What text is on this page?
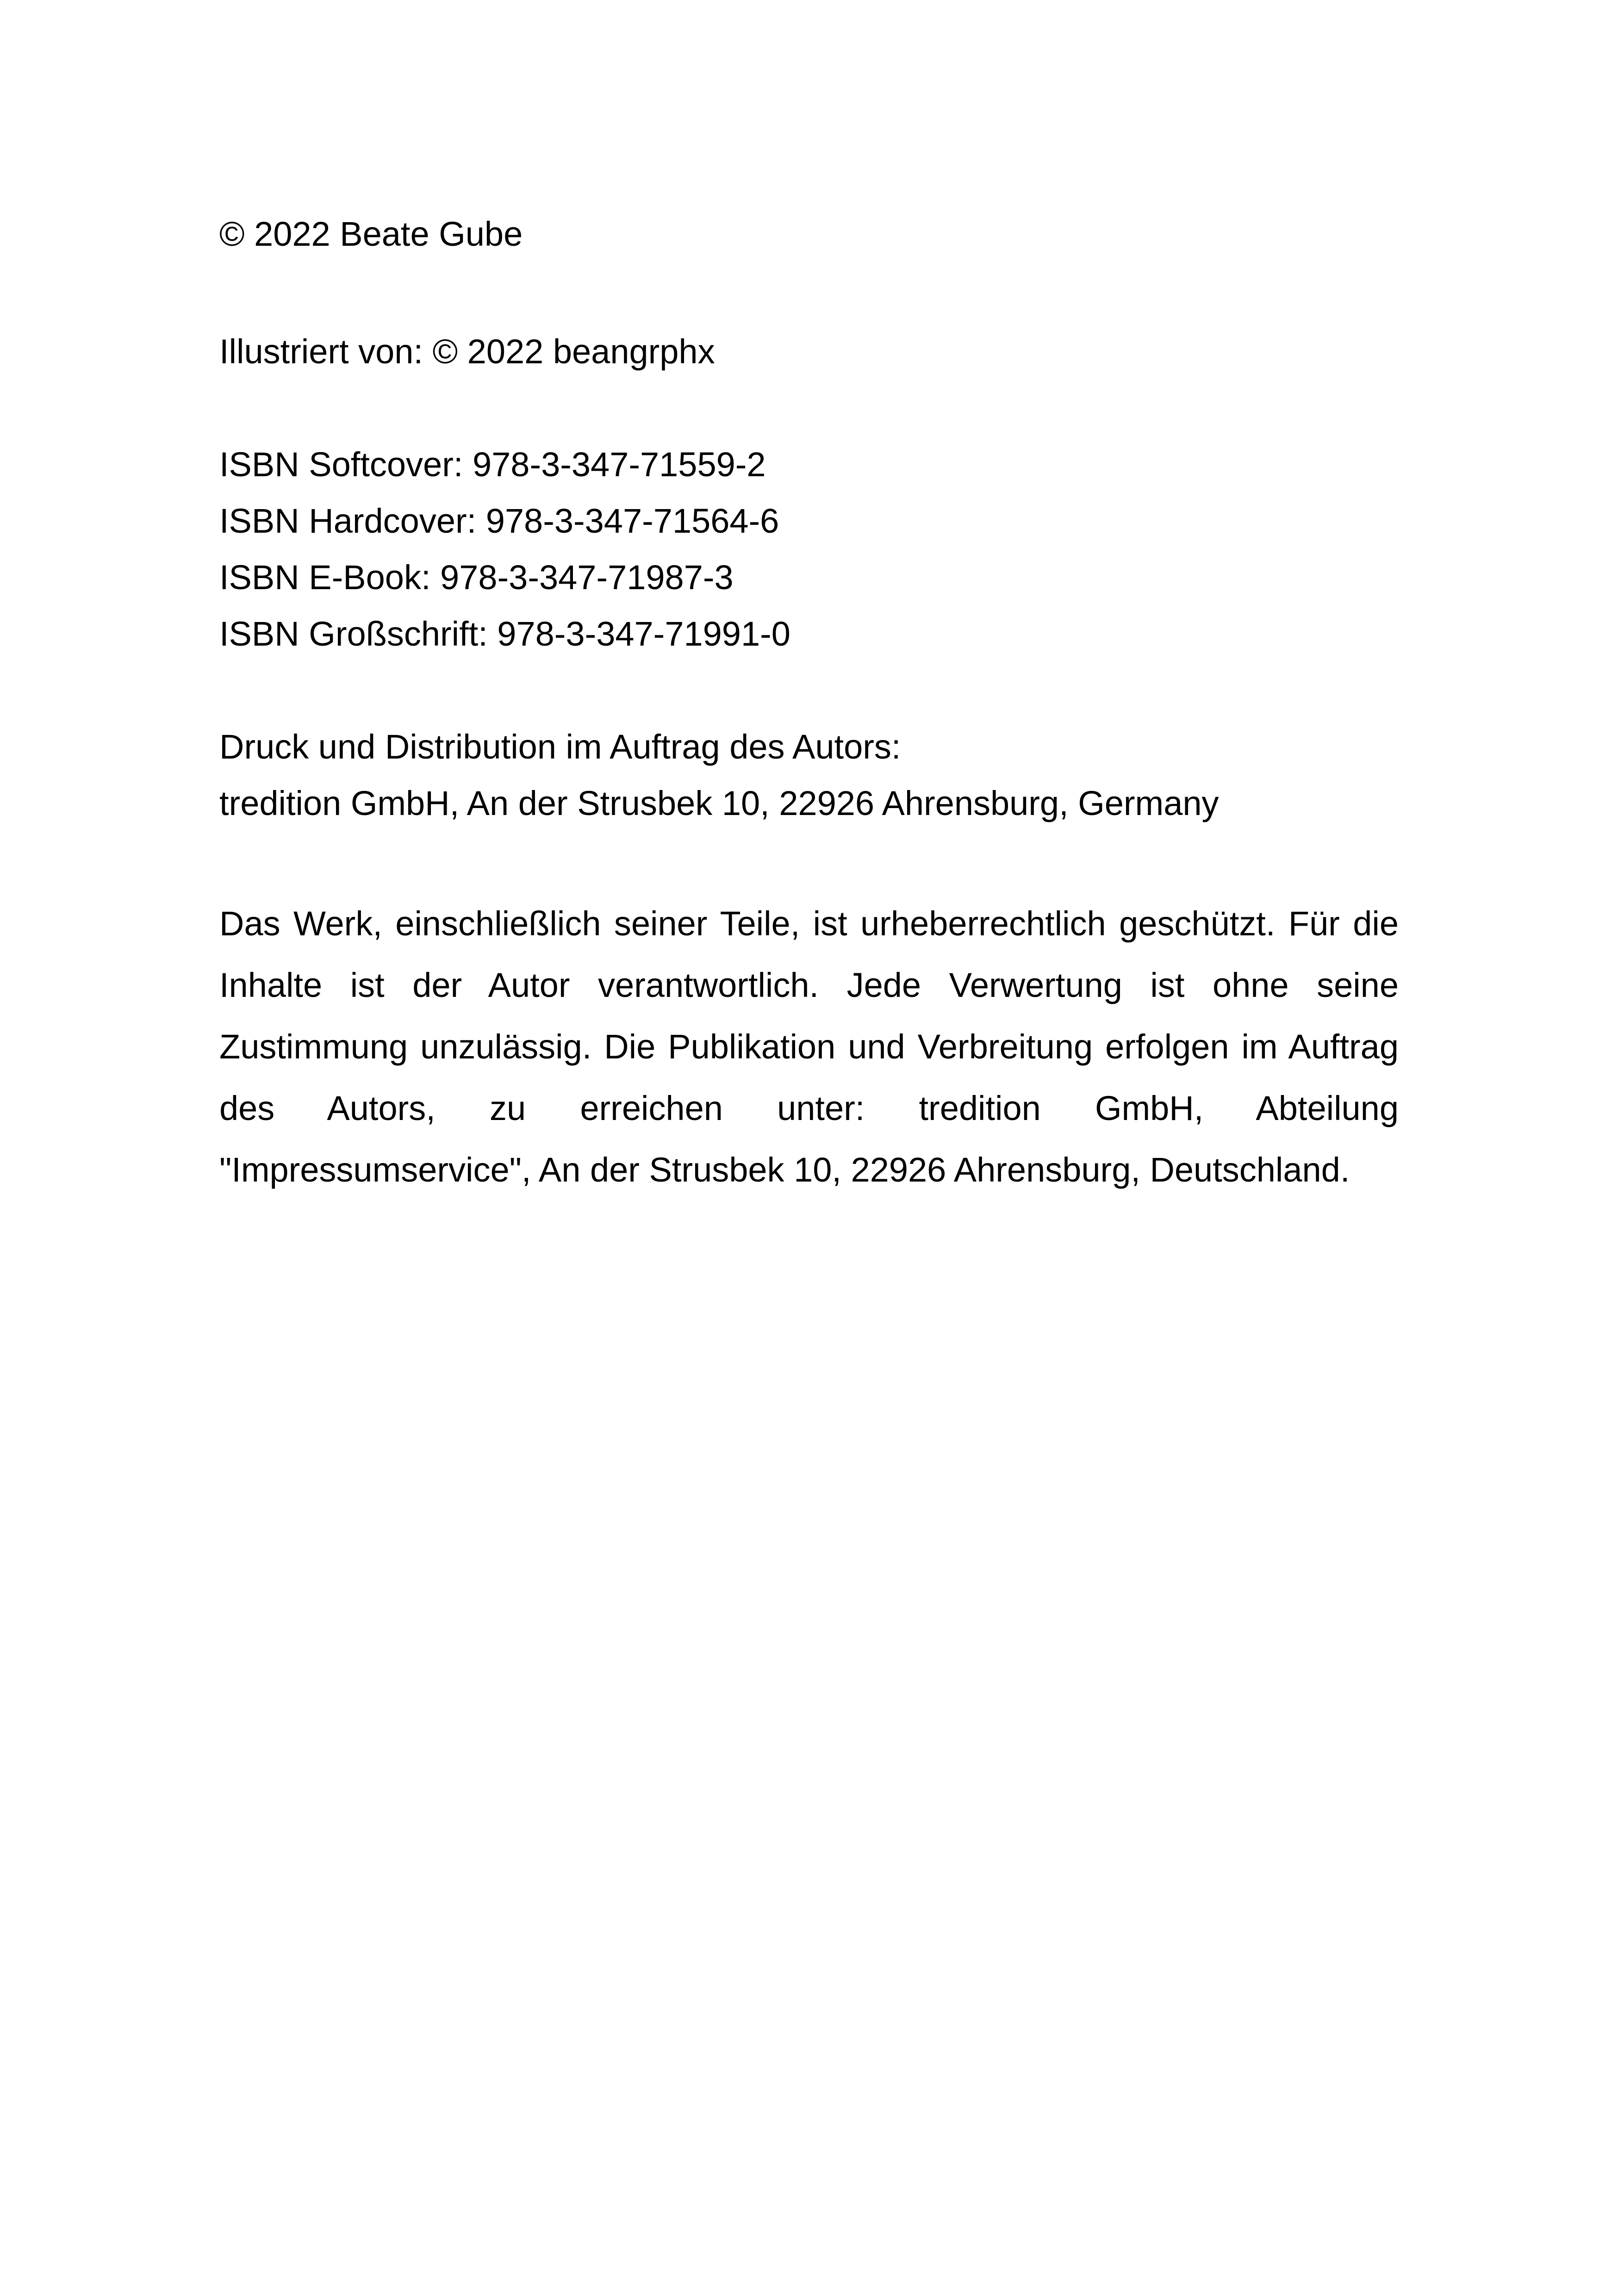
© 2022 Beate Gube
Illustriert von: © 2022 beangrphx
ISBN Softcover: 978-3-347-71559-2
ISBN Hardcover: 978-3-347-71564-6
ISBN E-Book: 978-3-347-71987-3
ISBN Großschrift: 978-3-347-71991-0
Druck und Distribution im Auftrag des Autors:
tredition GmbH, An der Strusbek 10, 22926 Ahrensburg, Germany

Das Werk, einschließlich seiner Teile, ist urheberrechtlich geschützt. Für die Inhalte ist der Autor verantwortlich. Jede Verwertung ist ohne seine Zustimmung unzulässig. Die Publikation und Verbreitung erfolgen im Auftrag des Autors, zu erreichen unter: tredition GmbH, Abteilung "Impressumservice", An der Strusbek 10, 22926 Ahrensburg, Deutschland.
